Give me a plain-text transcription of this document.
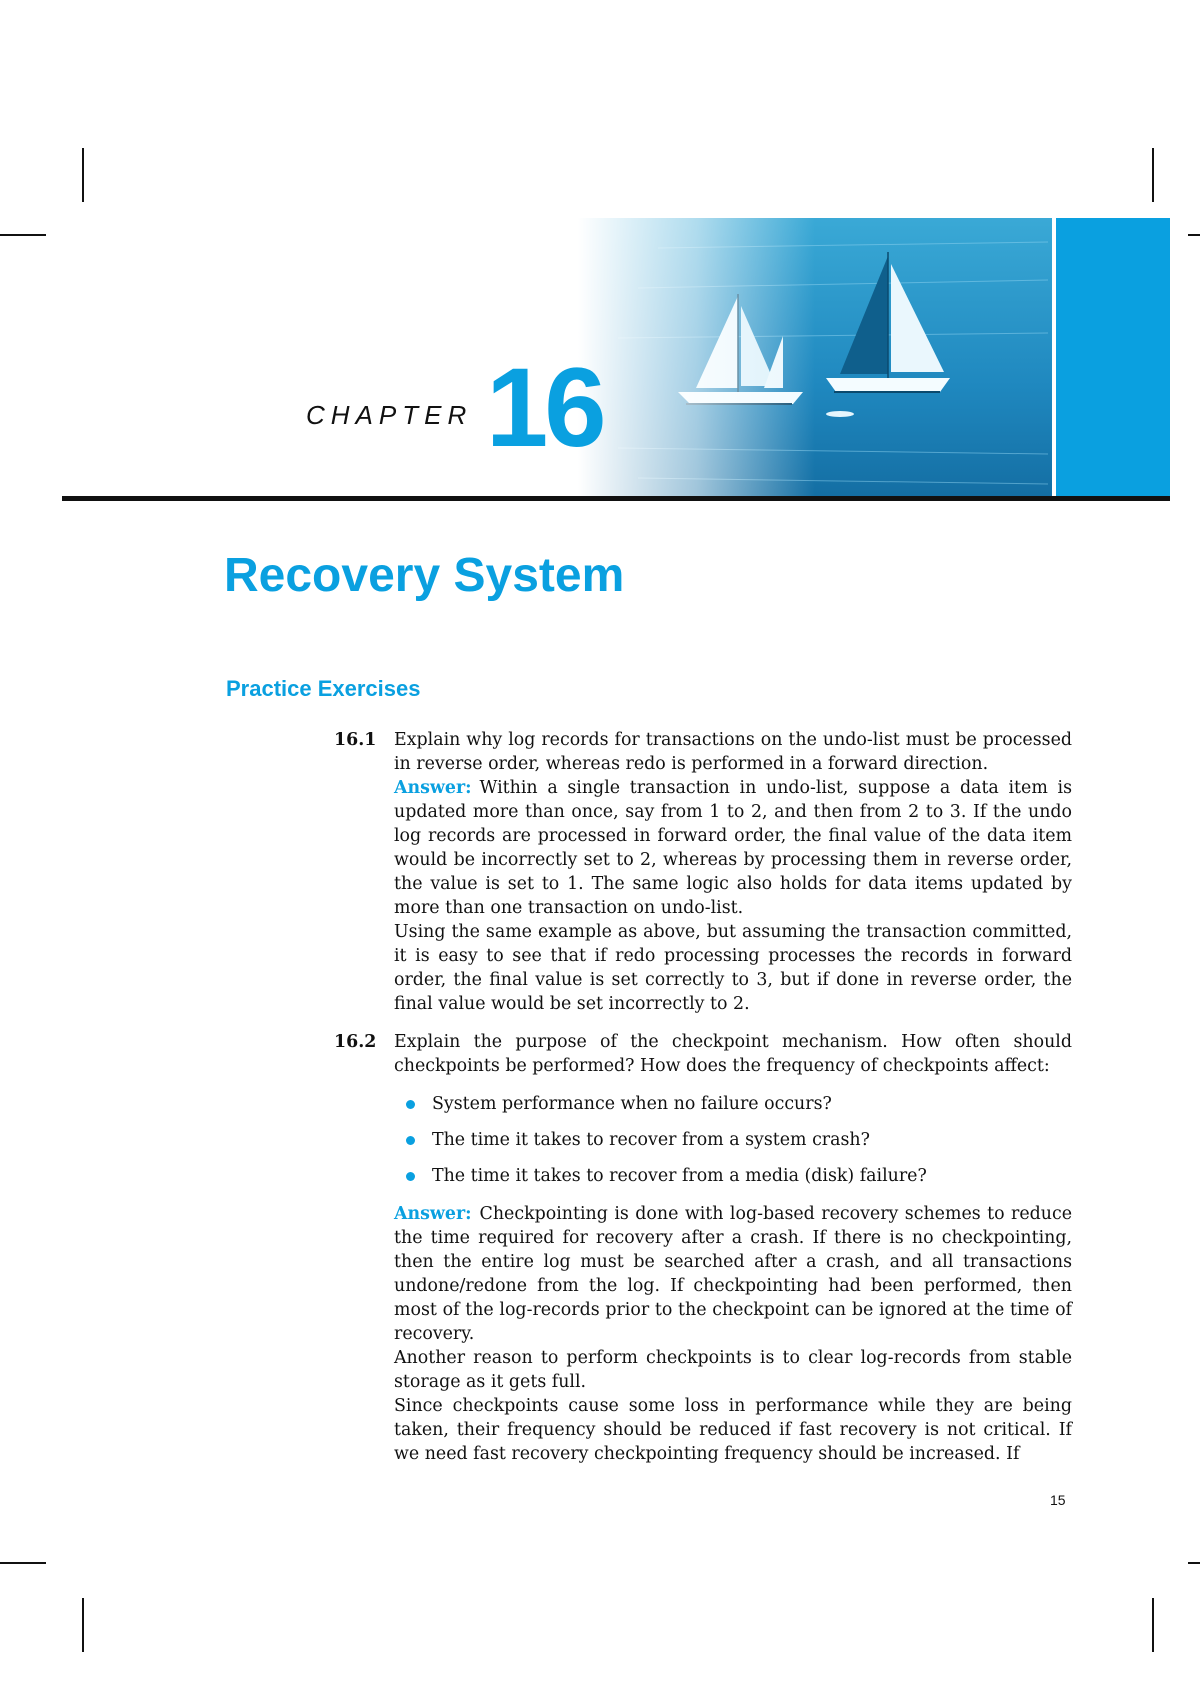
CHAPTER 16
Recovery System
Practice Exercises
16.1 Explain why log records for transactions on the undo-list must be processed in reverse order, whereas redo is performed in a forward direction.

Answer: Within a single transaction in undo-list, suppose a data item is updated more than once, say from 1 to 2, and then from 2 to 3. If the undo log records are processed in forward order, the final value of the data item would be incorrectly set to 2, whereas by processing them in reverse order, the value is set to 1. The same logic also holds for data items updated by more than one transaction on undo-list.

Using the same example as above, but assuming the transaction committed, it is easy to see that if redo processing processes the records in forward order, the final value is set correctly to 3, but if done in reverse order, the final value would be set incorrectly to 2.

16.2 Explain the purpose of the checkpoint mechanism. How often should checkpoints be performed? How does the frequency of checkpoints affect:

System performance when no failure occurs?
The time it takes to recover from a system crash?
The time it takes to recover from a media (disk) failure?

Answer: Checkpointing is done with log-based recovery schemes to reduce the time required for recovery after a crash. If there is no checkpointing, then the entire log must be searched after a crash, and all transactions undone/redone from the log. If checkpointing had been performed, then most of the log-records prior to the checkpoint can be ignored at the time of recovery.

Another reason to perform checkpoints is to clear log-records from stable storage as it gets full.

Since checkpoints cause some loss in performance while they are being taken, their frequency should be reduced if fast recovery is not critical. If we need fast recovery checkpointing frequency should be increased. If

15
